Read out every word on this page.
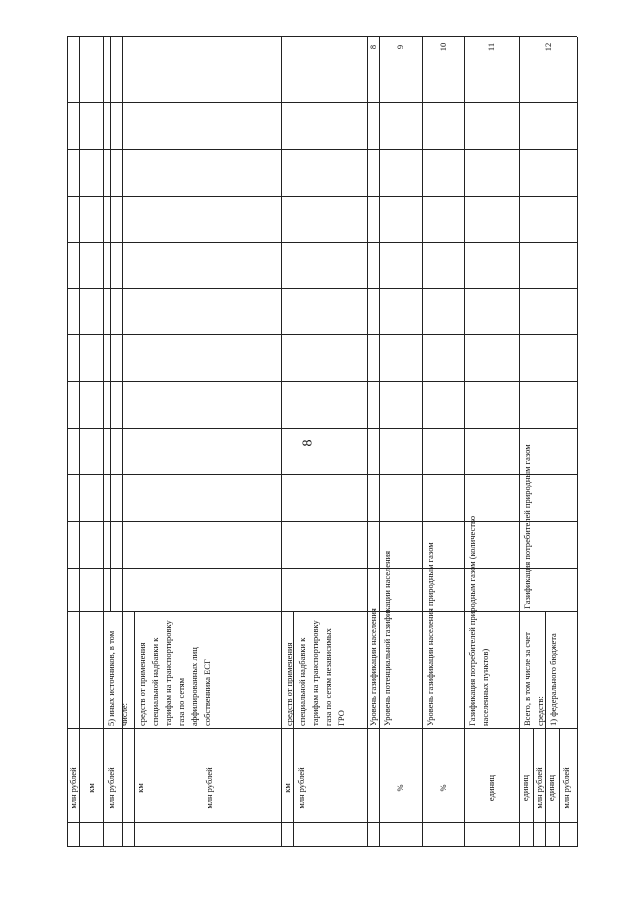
8
5) иных источников, в том числе:
млн рублей км	млн рублей
средств от применения специальной надбавки к тарифам на транспортировку газа по сетям аффилированных лиц собственника ЕСГ
км	млн рублей
средств от применения специальной надбавки к тарифам на транспортировку газа по сетям независимых ГРО
км млн рублей
8
Уровень газификации населения
9
Уровень потенциальной газификации населения
%
10
Уровень газификации населения природным газом
%
11
Газификация потребителей природным газом (количество населенных пунктов)
единиц
12
Газификация потребителей природным газом
Всего, в том числе за счет средств:
единиц млн рублей
1) федерального бюджета
единиц млн рублей
